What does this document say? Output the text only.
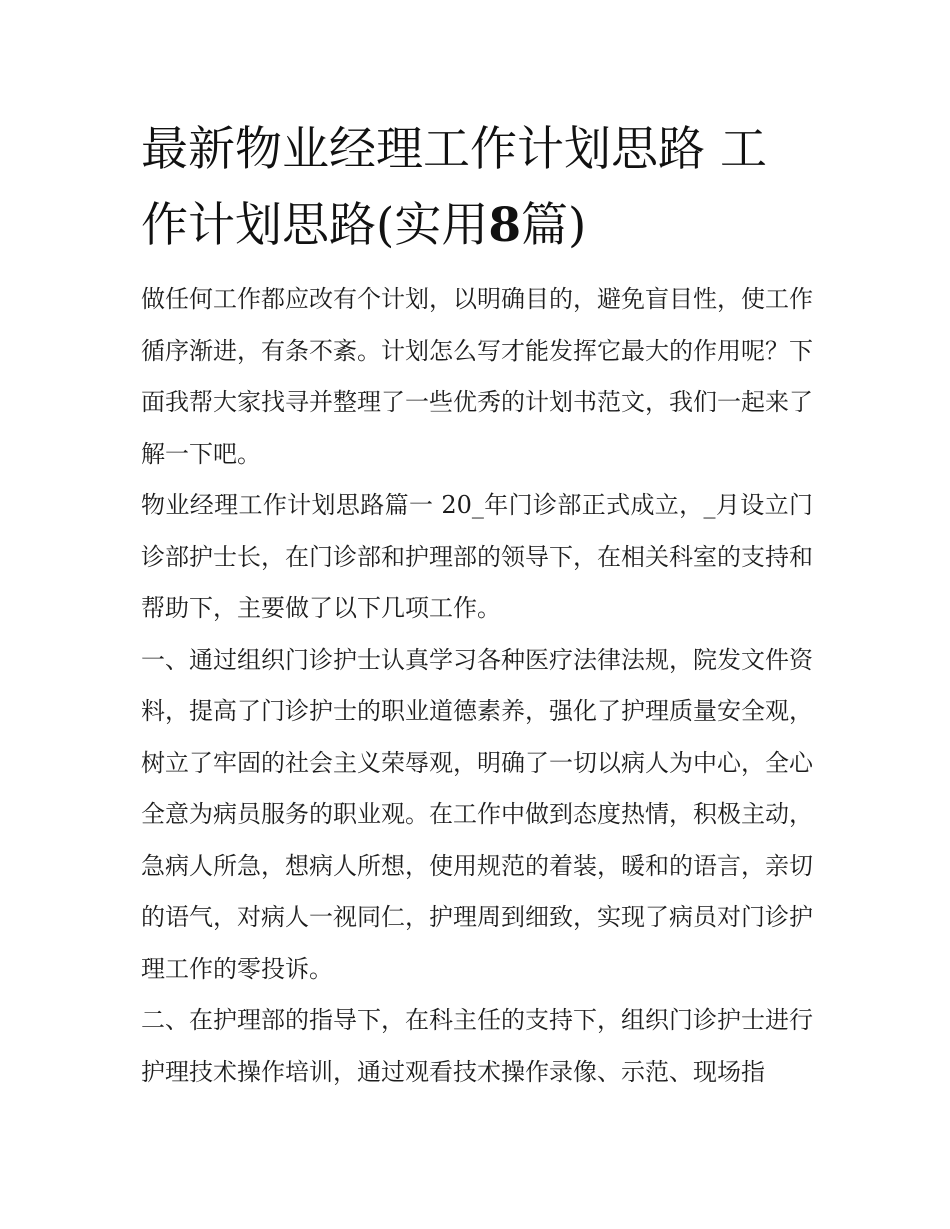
最新物业经理工作计划思路 工作计划思路(实用8篇)

做任何工作都应改有个计划，以明确目的，避免盲目性，使工作循序渐进，有条不紊。计划怎么写才能发挥它最大的作用呢？下面我帮大家找寻并整理了一些优秀的计划书范文，我们一起来了解一下吧。

物业经理工作计划思路篇一 20_年门诊部正式成立，_月设立门诊部护士长，在门诊部和护理部的领导下，在相关科室的支持和帮助下，主要做了以下几项工作。

一、通过组织门诊护士认真学习各种医疗法律法规，院发文件资料，提高了门诊护士的职业道德素养，强化了护理质量安全观，树立了牢固的社会主义荣辱观，明确了一切以病人为中心，全心全意为病员服务的职业观。在工作中做到态度热情，积极主动，急病人所急，想病人所想，使用规范的着装，暖和的语言，亲切的语气，对病人一视同仁，护理周到细致，实现了病员对门诊护理工作的零投诉。

二、在护理部的指导下，在科主任的支持下，组织门诊护士进行护理技术操作培训，通过观看技术操作录像、示范、现场指
